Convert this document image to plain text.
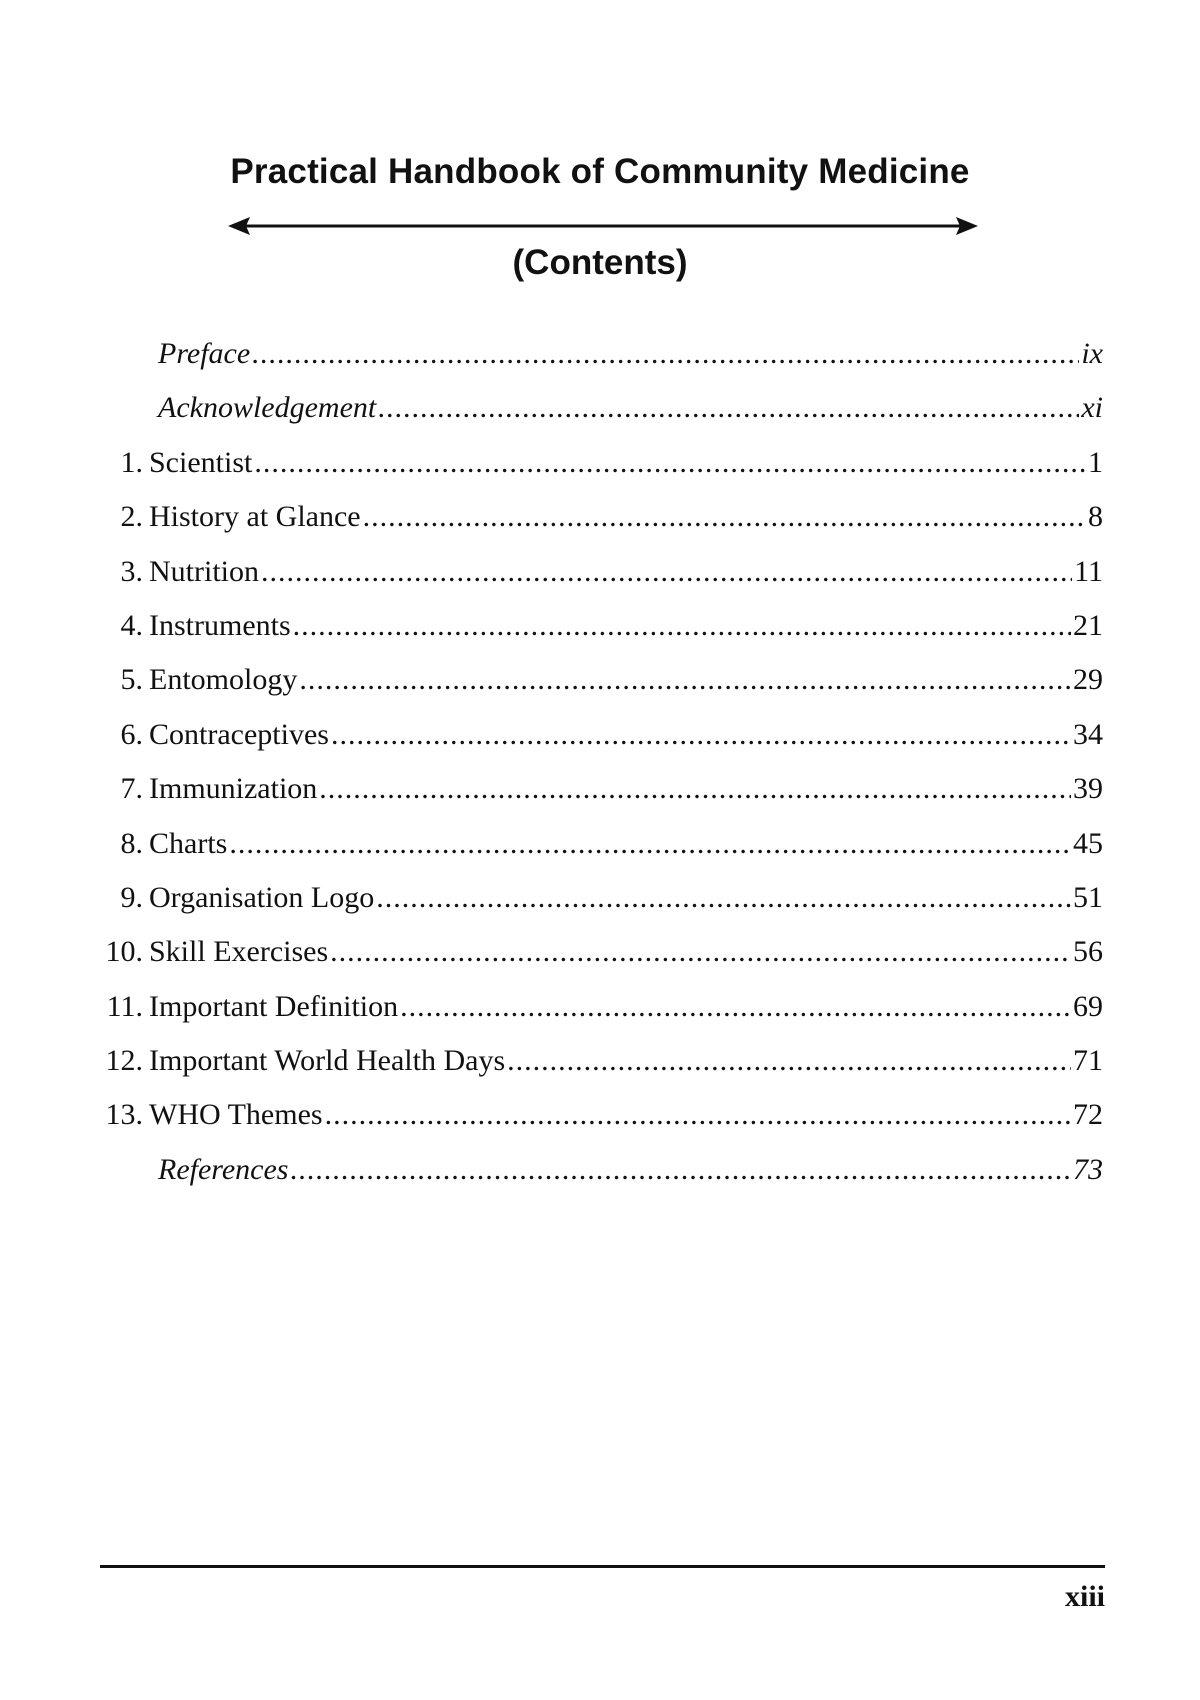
Practical Handbook of Community Medicine
(Contents)
Preface .....	ix
Acknowledgement .....	xi
1. Scientist .....	1
2. History at Glance .....	8
3. Nutrition .....	11
4. Instruments .....	21
5. Entomology .....	29
6. Contraceptives .....	34
7. Immunization .....	39
8. Charts .....	45
9. Organisation Logo .....	51
10. Skill Exercises .....	56
11. Important Definition .....	69
12. Important World Health Days .....	71
13. WHO Themes .....	72
References .....	73
xiii
